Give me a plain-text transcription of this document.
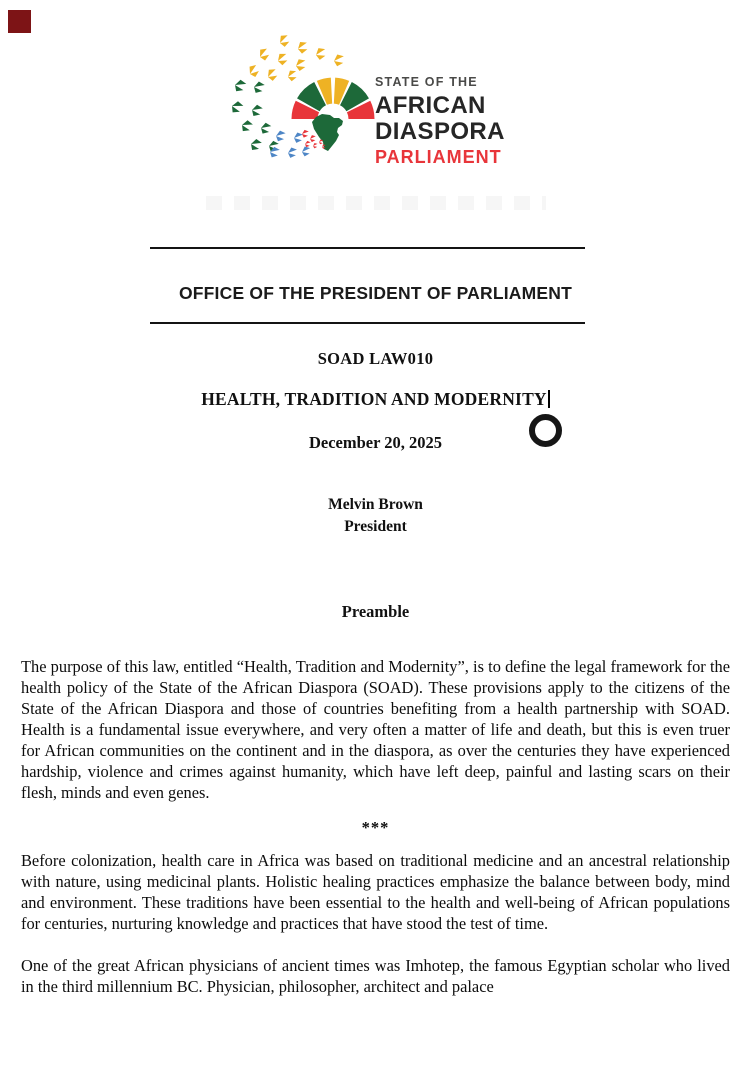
STATE OF THE
AFRICAN
DIASPORA
PARLIAMENT
OFFICE OF THE PRESIDENT OF PARLIAMENT
SOAD LAW010
HEALTH, TRADITION AND MODERNITY
December 20, 2025
Melvin Brown
President
Preamble

The purpose of this law, entitled “Health, Tradition and Modernity”, is to define the legal framework for the health policy of the State of the African Diaspora (SOAD). These provisions apply to the citizens of the State of the African Diaspora and those of countries benefiting from a health partnership with SOAD. Health is a fundamental issue everywhere, and very often a matter of life and death, but this is even truer for African communities on the continent and in the diaspora, as over the centuries they have experienced hardship, violence and crimes against humanity, which have left deep, painful and lasting scars on their flesh, minds and even genes.

***

Before colonization, health care in Africa was based on traditional medicine and an ancestral relationship with nature, using medicinal plants. Holistic healing practices emphasize the balance between body, mind and environment. These traditions have been essential to the health and well-being of African populations for centuries, nurturing knowledge and practices that have stood the test of time.

One of the great African physicians of ancient times was Imhotep, the famous Egyptian scholar who lived in the third millennium BC. Physician, philosopher, architect and palace
